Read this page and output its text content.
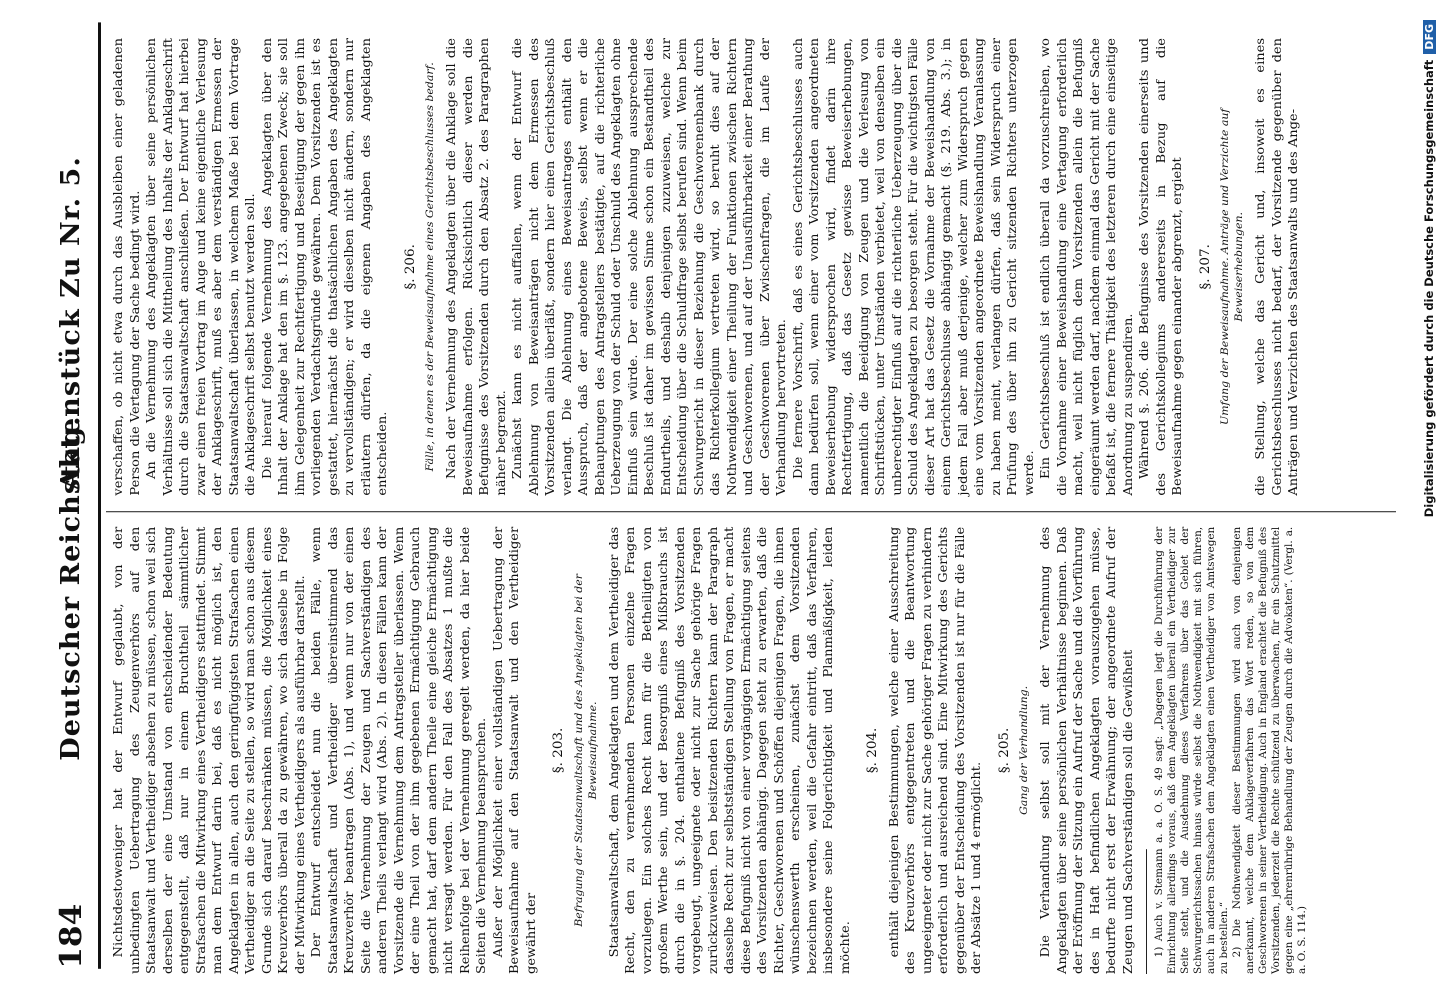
184
Deutscher Reichstag.
Aktenstück Zu Nr. 5.

Nichtsdestoweniger hat der Entwurf geglaubt, von der unbedingten Uebertragung des Zeugenverhörs auf den Staatsanwalt und Vertheidiger absehen zu müssen, schon weil sich derselben der eine Umstand von entscheidender Bedeutung entgegenstellt, daß nur in einem Bruchtheil sämmtlicher Strafsachen die Mitwirkung eines Vertheidigers stattfindet. Stimmt man dem Entwurf darin bei, daß es nicht möglich ist, den Angeklagten in allen, auch den geringfügigsten Strafsachen einen Vertheidiger an die Seite zu stellen, so wird man schon aus diesem Grunde sich darauf beschränken müssen, die Möglichkeit eines Kreuzverhörs überall da zu gewähren, wo sich dasselbe in Folge der Mitwirkung eines Vertheidigers als ausführbar darstellt. Der Entwurf entscheidet nun die beiden Fälle, wenn Staatsanwaltschaft und Vertheidiger übereinstimmend das Kreuzverhör beantragen (Abs. 1), und wenn nur von der einen Seite die Vernehmung der Zeugen und Sachverständigen des anderen Theils verlangt wird (Abs. 2). In diesen Fällen kann der Vorsitzende die Vernehmung dem Antragsteller überlassen. Wenn der eine Theil von der ihm gegebenen Ermächtigung Gebrauch gemacht hat, darf dem andern Theile eine gleiche Ermächtigung nicht versagt werden. Für den Fall des Absatzes 1 mußte die Reihenfolge bei der Vernehmung geregelt werden, da hier beide Seiten die Vernehmung beanspruchen. Außer der Möglichkeit einer vollständigen Uebertragung der Beweisaufnahme auf den Staatsanwalt und den Vertheidiger gewährt der

§. 203. Befragung der Staatsanwaltschaft und des Angeklagten bei der Beweisaufnahme. Staatsanwaltschaft, dem Angeklagten und dem Vertheidiger das Recht, den zu vernehmenden Personen einzelne Fragen vorzulegen. Ein solches Recht kann für die Betheiligten von großem Werthe sein, und der Besorgniß eines Mißbrauchs ist durch die in §. 204. enthaltene Befugniß des Vorsitzenden vorgebeugt, ungeeignete oder nicht zur Sache gehörige Fragen zurückzuweisen. Den beisitzenden Richtern kann der Paragraph dasselbe Recht zur selbstständigen Stellung von Fragen, er macht diese Befugniß nicht von einer vorgängigen Ermächtigung seitens des Vorsitzenden abhängig. Dagegen steht zu erwarten, daß die Richter, Geschworenen und Schöffen diejenigen Fragen, die ihnen wünschenswerth erscheinen, zunächst dem Vorsitzenden bezeichnen werden, weil die Gefahr eintritt, daß das Verfahren, insbesondere seine Folgerichtigkeit und Planmäßigkeit, leiden möchte.

§. 204. enthält diejenigen Bestimmungen, welche einer Ausschreitung des Kreuzverhörs entgegentreten und die Beantwortung ungeeigneter oder nicht zur Sache gehöriger Fragen zu verhindern erforderlich und ausreichend sind. Eine Mitwirkung des Gerichts gegenüber der Entscheidung des Vorsitzenden ist nur für die Fälle der Absätze 1 und 4 ermöglicht.

§. 205. Gang der Verhandlung. Die Verhandlung selbst soll mit der Vernehmung des Angeklagten über seine persönlichen Verhältnisse beginnen. Daß der Eröffnung der Sitzung ein Aufruf der Sache und die Vorführung des in Haft befindlichen Angeklagten vorauszugehen müsse, bedurfte nicht erst der Erwähnung; der angeordnete Aufruf der Zeugen und Sachverständigen soll die Gewißheit 1) Auch v. Stemann a. a. O. S. 49 sagt: „Dagegen legt die Durchführung der Einrichtung allerdings voraus, daß dem Angeklagten überall ein Vertheidiger zur Seite steht, und die Ausdehnung dieses Verfahrens über das Gebiet der Schwurgerichtssachen hinaus würde selbst die Nothwendigkeit mit sich führen, auch in anderen Strafsachen dem Angeklagten einen Vertheidiger von Amtswegen zu bestellen.“ 2) Die Nothwendigkeit dieser Bestimmungen wird auch von denjenigen anerkannt, welche dem Anklageverfahren das Wort reden, so von dem Geschworenen in seiner Vertheidigung. Auch in England erachtet die Befugniß des Vorsitzenden, jederzeit die Rechte schützend zu überwachen, für ein Schutzmittel gegen eine „ehrenrührige Behandlung der Zeugen durch die Advokaten“. (Vergl. a. a. O. S. 114.)

verschaffen, ob nicht etwa durch das Ausbleiben einer geladenen Person die Vertagung der Sache bedingt wird. An die Vernehmung des Angeklagten über seine persönlichen Verhältnisse soll sich die Mittheilung des Inhalts der Anklageschrift durch die Staatsanwaltschaft anschließen. Der Entwurf hat hierbei zwar einen freien Vortrag im Auge und keine eigentliche Verlesung der Anklageschrift, muß es aber dem verständigen Ermessen der Staatsanwaltschaft überlassen, in welchem Maße bei dem Vortrage die Anklageschrift selbst benutzt werden soll. Die hierauf folgende Vernehmung des Angeklagten über den Inhalt der Anklage hat den im §. 123. angegebenen Zweck; sie soll ihm Gelegenheit zur Rechtfertigung und Beseitigung der gegen ihn vorliegenden Verdachtsgründe gewähren. Dem Vorsitzenden ist es gestattet, hiernächst die thatsächlichen Angaben des Angeklagten zu vervollständigen; er wird dieselben nicht ändern, sondern nur erläutern dürfen, da die eigenen Angaben des Angeklagten entscheiden.

§. 206. Fälle, in denen es der Beweisaufnahme eines Gerichtsbeschlusses bedarf. Nach der Vernehmung des Angeklagten über die Anklage soll die Beweisaufnahme erfolgen. Rücksichtlich dieser werden die Befugnisse des Vorsitzenden durch den Absatz 2. des Paragraphen näher begrenzt. Zunächst kann es nicht auffallen, wenn der Entwurf die Ablehnung von Beweisanträgen nicht dem Ermessen des Vorsitzenden allein überläßt, sondern hier einen Gerichtsbeschluß verlangt. Die Ablehnung eines Beweisantrages enthält den Ausspruch, daß der angebotene Beweis, selbst wenn er die Behauptungen des Antragstellers bestätigte, auf die richterliche Ueberzeugung von der Schuld oder Unschuld des Angeklagten ohne Einfluß sein würde. Der eine solche Ablehnung aussprechende Beschluß ist daher im gewissen Sinne schon ein Bestandtheil des Endurtheils, und deshalb denjenigen zuzuweisen, welche zur Entscheidung über die Schuldfrage selbst berufen sind. Wenn beim Schwurgericht in dieser Beziehung die Geschworenenbank durch das Richterkollegium vertreten wird, so beruht dies auf der Nothwendigkeit einer Theilung der Funktionen zwischen Richtern und Geschworenen, und auf der Unausführbarkeit einer Berathung der Geschworenen über Zwischenfragen, die im Laufe der Verhandlung hervortreten. Die fernere Vorschrift, daß es eines Gerichtsbeschlusses auch dann bedürfen soll, wenn einer vom Vorsitzenden angeordneten Beweiserhebung widersprochen wird, findet darin ihre Rechtfertigung, daß das Gesetz gewisse Beweiserhebungen, namentlich die Beeidigung von Zeugen und die Verlesung von Schriftstücken, unter Umständen verbietet, weil von denselben ein unberechtigter Einfluß auf die richterliche Ueberzeugung über die Schuld des Angeklagten zu besorgen steht. Für die wichtigsten Fälle dieser Art hat das Gesetz die Vornahme der Beweishandlung von einem Gerichtsbeschlusse abhängig gemacht (§. 219. Abs. 3.); in jedem Fall aber muß derjenige, welcher zum Widerspruch gegen eine vom Vorsitzenden angeordnete Beweishandlung Veranlassung zu haben meint, verlangen dürfen, daß sein Widerspruch einer Prüfung des über ihn zu Gericht sitzenden Richters unterzogen werde. Ein Gerichtsbeschluß ist endlich überall da vorzuschreiben, wo die Vornahme einer Beweishandlung eine Vertagung erforderlich macht, weil nicht füglich dem Vorsitzenden allein die Befugniß eingeräumt werden darf, nachdem einmal das Gericht mit der Sache befaßt ist, die fernere Thätigkeit des letzteren durch eine einseitige Anordnung zu suspendiren. Während §. 206. die Befugnisse des Vorsitzenden einerseits und des Gerichtskollegiums andererseits in Bezug auf die Beweisaufnahme gegen einander abgrenzt, ergiebt §. 207. Umfang der Beweisaufnahme. Anträge und Verzichte auf Beweiserhebungen. die Stellung, welche das Gericht und, insoweit es eines Gerichtsbeschlusses nicht bedarf, der Vorsitzende gegenüber den Anträgen und Verzichten des Staatsanwalts und des Ange-	Digitalisierung gefördert durch die Deutsche ForschungsgemeinschaftDFG
